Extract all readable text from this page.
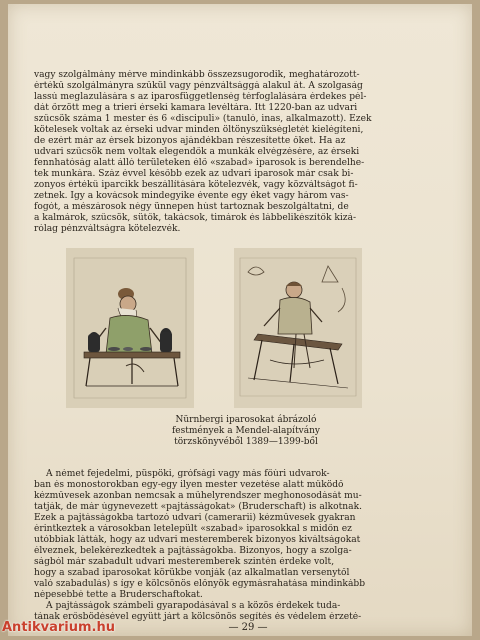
vagy szolgálmány mérve mindinkább összezsugorodik, meghatározott-
értékű szolgálmányra szűkül vagy pénzváltsággá alakul át. A szolgaság
lassú meglazulására s az iparosfüggetlenség térfoglalására érdekes pél-
dát őrzött meg a trieri érseki kamara levéltára. Itt 1220-ban az udvari
szűcsök száma 1 mester és 6 «discipuli» (tanuló, inas, alkalmazott). Ezek
kötelesek voltak az érseki udvar minden öltönyszükségletét kielégíteni,
de ezért már az érsek bizonyos ajándékban részesítette őket. Ha az
udvari szűcsök nem voltak elegendők a munkák elvégzésére, az érseki
fennhatóság alatt álló területeken élő «szabad» iparosok is berendelhe-
tek munkára. Száz évvel később ezek az udvari iparosok már csak bi-
zonyos értékű iparcikk beszállítására kötelezvék, vagy közváltságot fi-
zetnek. Így a kovácsok mindegyike évente egy éket vagy három vas-
fogót, a mészárosok négy ünnepen húst tartoznak beszolgáltatni, de
a kalmárok, szűcsök, sütők, takácsok, timárok és lábbelikészítők kizá-
rólag pénzváltságra kötelezvék.
Nürnbergi iparosokat ábrázoló
festmények a Mendel-alapítvány
törzskönyvéből 1389—1399-ből
A német fejedelmi, püspöki, grófsági vagy más főúri udvarok-
ban és monostorokban egy-egy ilyen mester vezetése alatt működő
kézművesek azonban nemcsak a műhelyrendszer meghonosodását mu-
tatják, de már úgynevezett «pajtásságokat» (Bruderschaft) is alkotnak.
Ezek a pajtásságokba tartozó udvari (camerarii) kézművesek gyakran
érintkeztek a városokban letelepült «szabad» iparosokkal s midőn ez
utóbbiak látták, hogy az udvari mesteremberek bizonyos kiváltságokat
élveznek, belekérezkedtek a pajtásságokba. Bizonyos, hogy a szolga-
ságból már szabadult udvari mesteremberek szintén érdeke volt,
hogy a szabad iparosokat körükbe vonják (az alkalmatlan versenytől
való szabadulás) s így e kölcsönös előnyök egymásrahatása mindinkább
népesebbé tette a Bruderschaftokat.
A pajtásságok számbeli gyarapodásával s a közös érdekek tuda-
tának erősbödésével együtt járt a kölcsönös segítés és védelem érzeté-
— 29 —
Antikvarium.hu
